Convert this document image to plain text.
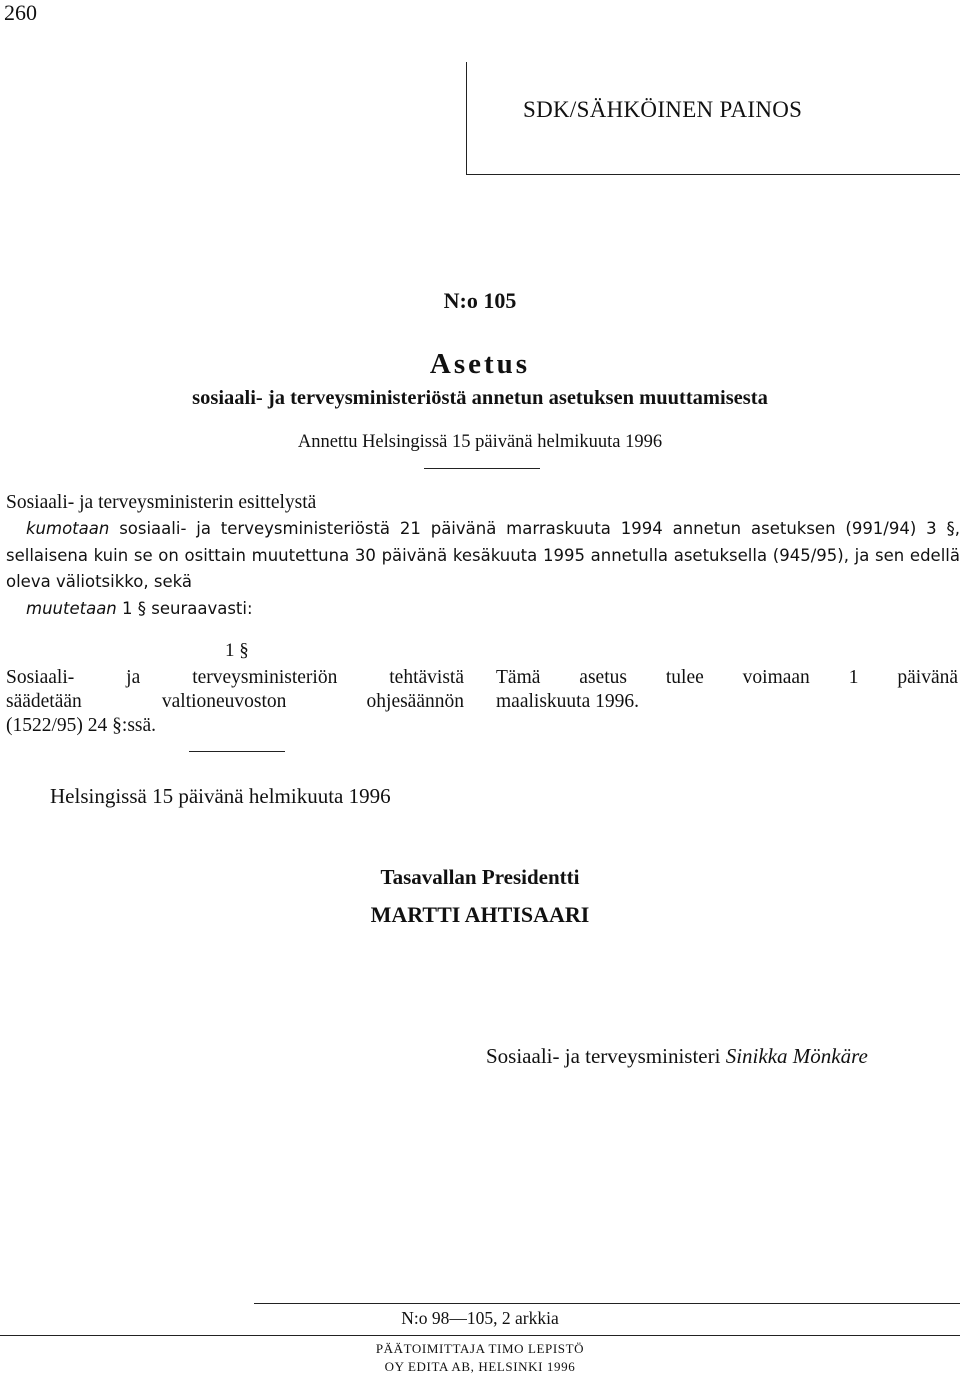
260
SDK/SÄHKÖINEN PAINOS
N:o 105
Asetus
sosiaali- ja terveysministeriöstä annetun asetuksen muuttamisesta
Annettu Helsingissä 15 päivänä helmikuuta 1996
Sosiaali- ja terveysministerin esittelystä
kumotaan sosiaali- ja terveysministeriöstä 21 päivänä marraskuuta 1994 annetun asetuksen (991/94) 3 §, sellaisena kuin se on osittain muutettuna 30 päivänä kesäkuuta 1995 annetulla asetuksella (945/95), ja sen edellä oleva väliotsikko, sekä
muutetaan 1 § seuraavasti:
1 §
Sosiaali- ja terveysministeriön tehtävistä
säädetään valtioneuvoston ohjesäännön
(1522/95) 24 §:ssä.
Tämä asetus tulee voimaan 1 päivänä
maaliskuuta 1996.
Helsingissä 15 päivänä helmikuuta 1996
Tasavallan Presidentti
MARTTI AHTISAARI
Sosiaali- ja terveysministeri Sinikka Mönkäre
N:o 98—105, 2 arkkia
PÄÄTOIMITTAJA TIMO LEPISTÖ
OY EDITA AB, HELSINKI 1996
